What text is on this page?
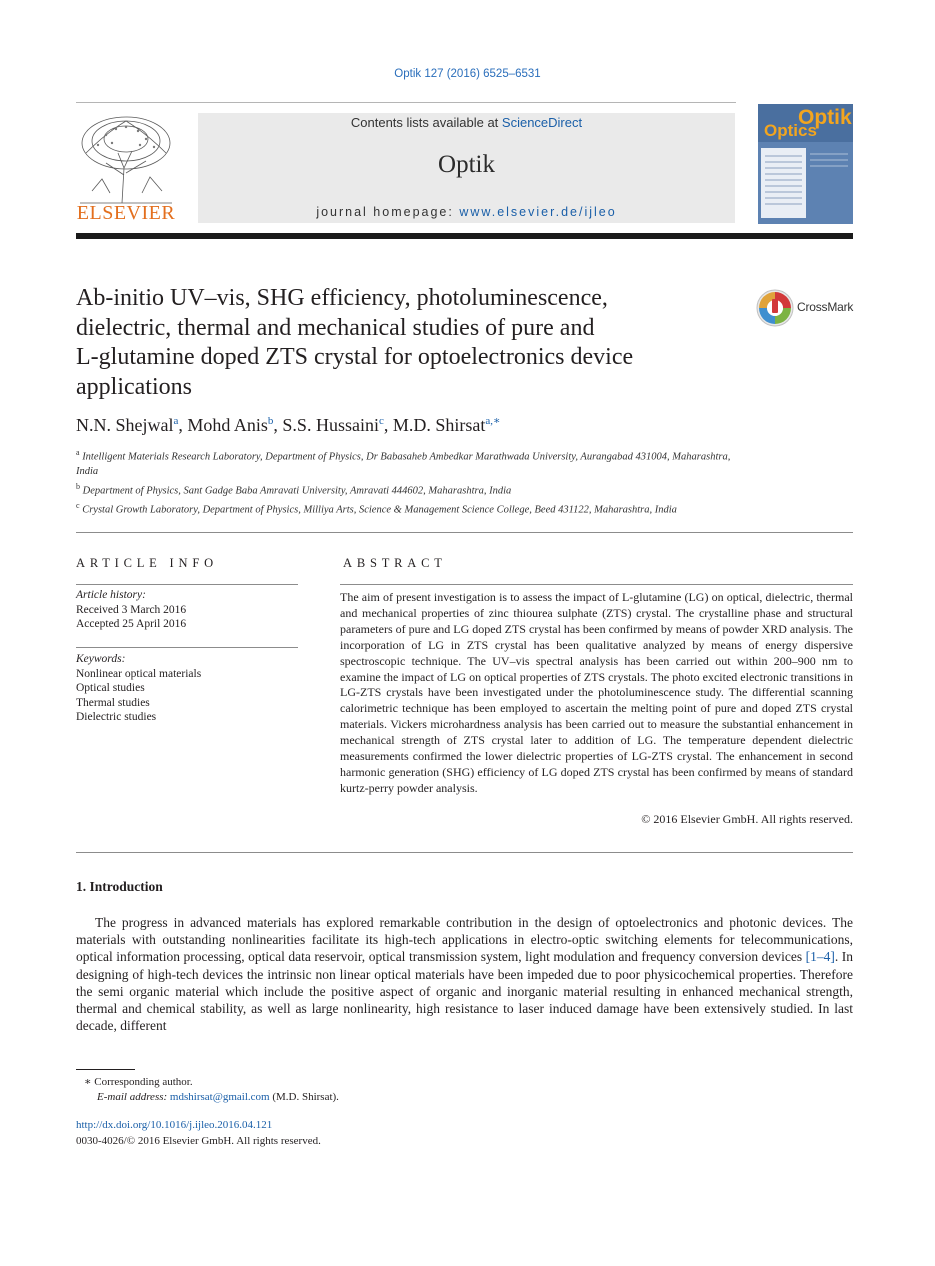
Optik 127 (2016) 6525–6531
ELSEVIER
Contents lists available at ScienceDirect
Optik
journal homepage: www.elsevier.de/ijleo
Optik
Optics
Ab-initio UV–vis, SHG efficiency, photoluminescence,
dielectric, thermal and mechanical studies of pure and
L-glutamine doped ZTS crystal for optoelectronics device
applications
CrossMark
N.N. Shejwal$^a$, Mohd Anis$^b$, S.S. Hussaini$^c$, M.D. Shirsat$^{a,∗}$
$^a$ Intelligent Materials Research Laboratory, Department of Physics, Dr Babasaheb Ambedkar Marathwada University, Aurangabad 431004, Maharashtra, India
$^b$ Department of Physics, Sant Gadge Baba Amravati University, Amravati 444602, Maharashtra, India
$^c$ Crystal Growth Laboratory, Department of Physics, Milliya Arts, Science & Management Science College, Beed 431122, Maharashtra, India
ARTICLE INFO
Article history:
Received 3 March 2016
Accepted 25 April 2016
Keywords:
Nonlinear optical materials
Optical studies
Thermal studies
Dielectric studies
ABSTRACT
The aim of present investigation is to assess the impact of L-glutamine (LG) on optical, dielectric, thermal and mechanical properties of zinc thiourea sulphate (ZTS) crystal. The crystalline phase and structural parameters of pure and LG doped ZTS crystal has been confirmed by means of powder XRD analysis. The incorporation of LG in ZTS crystal has been qualitative analyzed by means of energy dispersive spectroscopic technique. The UV–vis spectral analysis has been carried out within 200–900 nm to examine the impact of LG on optical properties of ZTS crystals. The photo excited electronic transitions in LG-ZTS crystals have been investigated under the photoluminescence study. The differential scanning calorimetric technique has been employed to ascertain the melting point of pure and doped ZTS crystal materials. Vickers microhardness analysis has been carried out to measure the substantial enhancement in mechanical strength of ZTS crystal later to addition of LG. The temperature dependent dielectric measurements confirmed the lower dielectric properties of LG-ZTS crystal. The enhancement in second harmonic generation (SHG) efficiency of LG doped ZTS crystal has been confirmed by means of standard kurtz-perry powder analysis.
© 2016 Elsevier GmbH. All rights reserved.
1. Introduction
The progress in advanced materials has explored remarkable contribution in the design of optoelectronics and photonic devices. The materials with outstanding nonlinearities facilitate its high-tech applications in electro-optic switching elements for telecommunications, optical information processing, optical data reservoir, optical transmission system, light modulation and frequency conversion devices [1–4]. In designing of high-tech devices the intrinsic non linear optical materials have been impeded due to poor physicochemical properties. Therefore the semi organic material which include the positive aspect of organic and inorganic material resulting in enhanced mechanical strength, thermal and chemical stability, as well as large nonlinearity, high resistance to laser induced damage have been extensively studied. In last decade, different
∗ Corresponding author.
E-mail address: mdshirsat@gmail.com (M.D. Shirsat).
http://dx.doi.org/10.1016/j.ijleo.2016.04.121
0030-4026/© 2016 Elsevier GmbH. All rights reserved.
